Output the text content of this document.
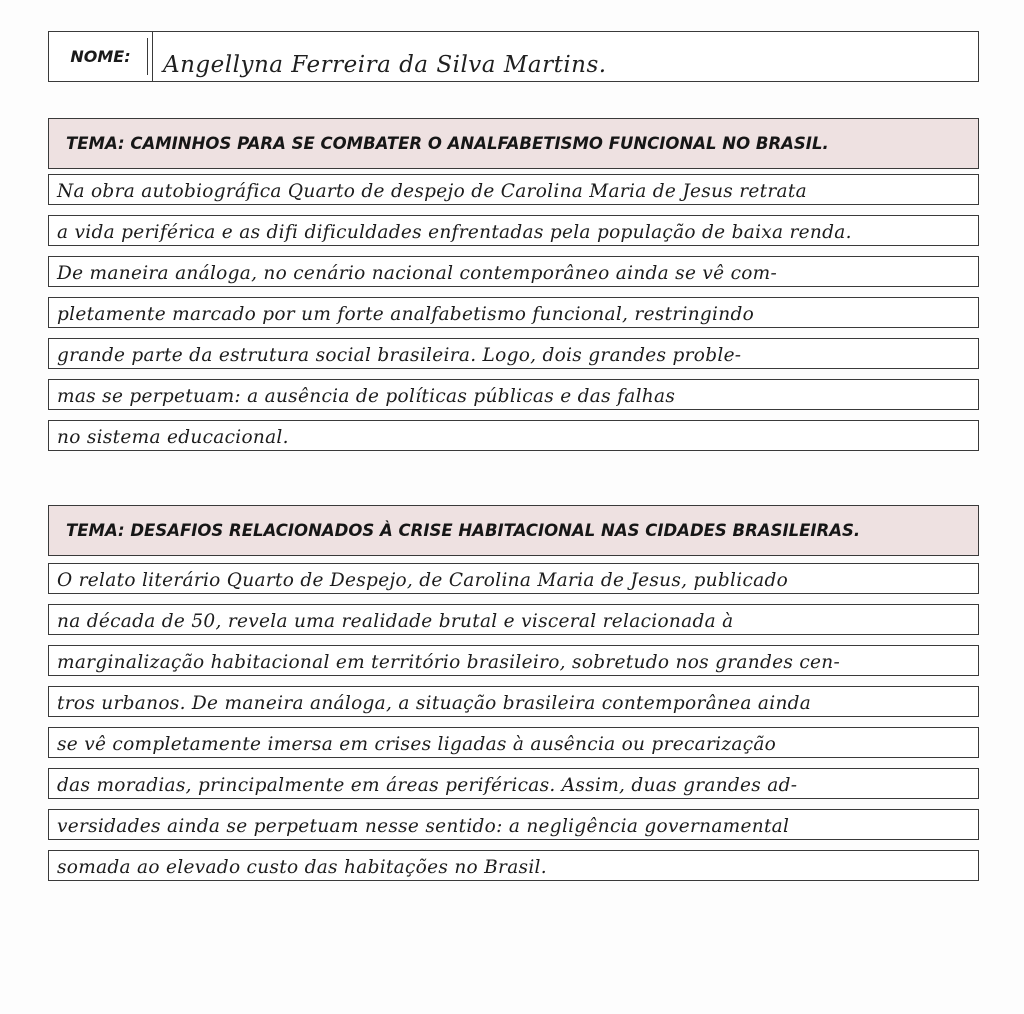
NOME:	Angellyna Ferreira da Silva Martins.
TEMA: CAMINHOS PARA SE COMBATER O ANALFABETISMO FUNCIONAL NO BRASIL.
Na obra autobiográfica Quarto de despejo de Carolina Maria de Jesus retrata
a vida periférica e as difi dificuldades enfrentadas pela população de baixa renda.
De maneira análoga, no cenário nacional contemporâneo ainda se vê com-
pletamente marcado por um forte analfabetismo funcional, restringindo
grande parte da estrutura social brasileira. Logo, dois grandes proble-
mas se perpetuam: a ausência de políticas públicas e das falhas
no sistema educacional.
TEMA: DESAFIOS RELACIONADOS À CRISE HABITACIONAL NAS CIDADES BRASILEIRAS.
O relato literário Quarto de Despejo, de Carolina Maria de Jesus, publicado
na década de 50, revela uma realidade brutal e visceral relacionada à
marginalização habitacional em território brasileiro, sobretudo nos grandes cen-
tros urbanos. De maneira análoga, a situação brasileira contemporânea ainda
se vê completamente imersa em crises ligadas à ausência ou precarização
das moradias, principalmente em áreas periféricas. Assim, duas grandes ad-
versidades ainda se perpetuam nesse sentido: a negligência governamental
somada ao elevado custo das habitações no Brasil.
